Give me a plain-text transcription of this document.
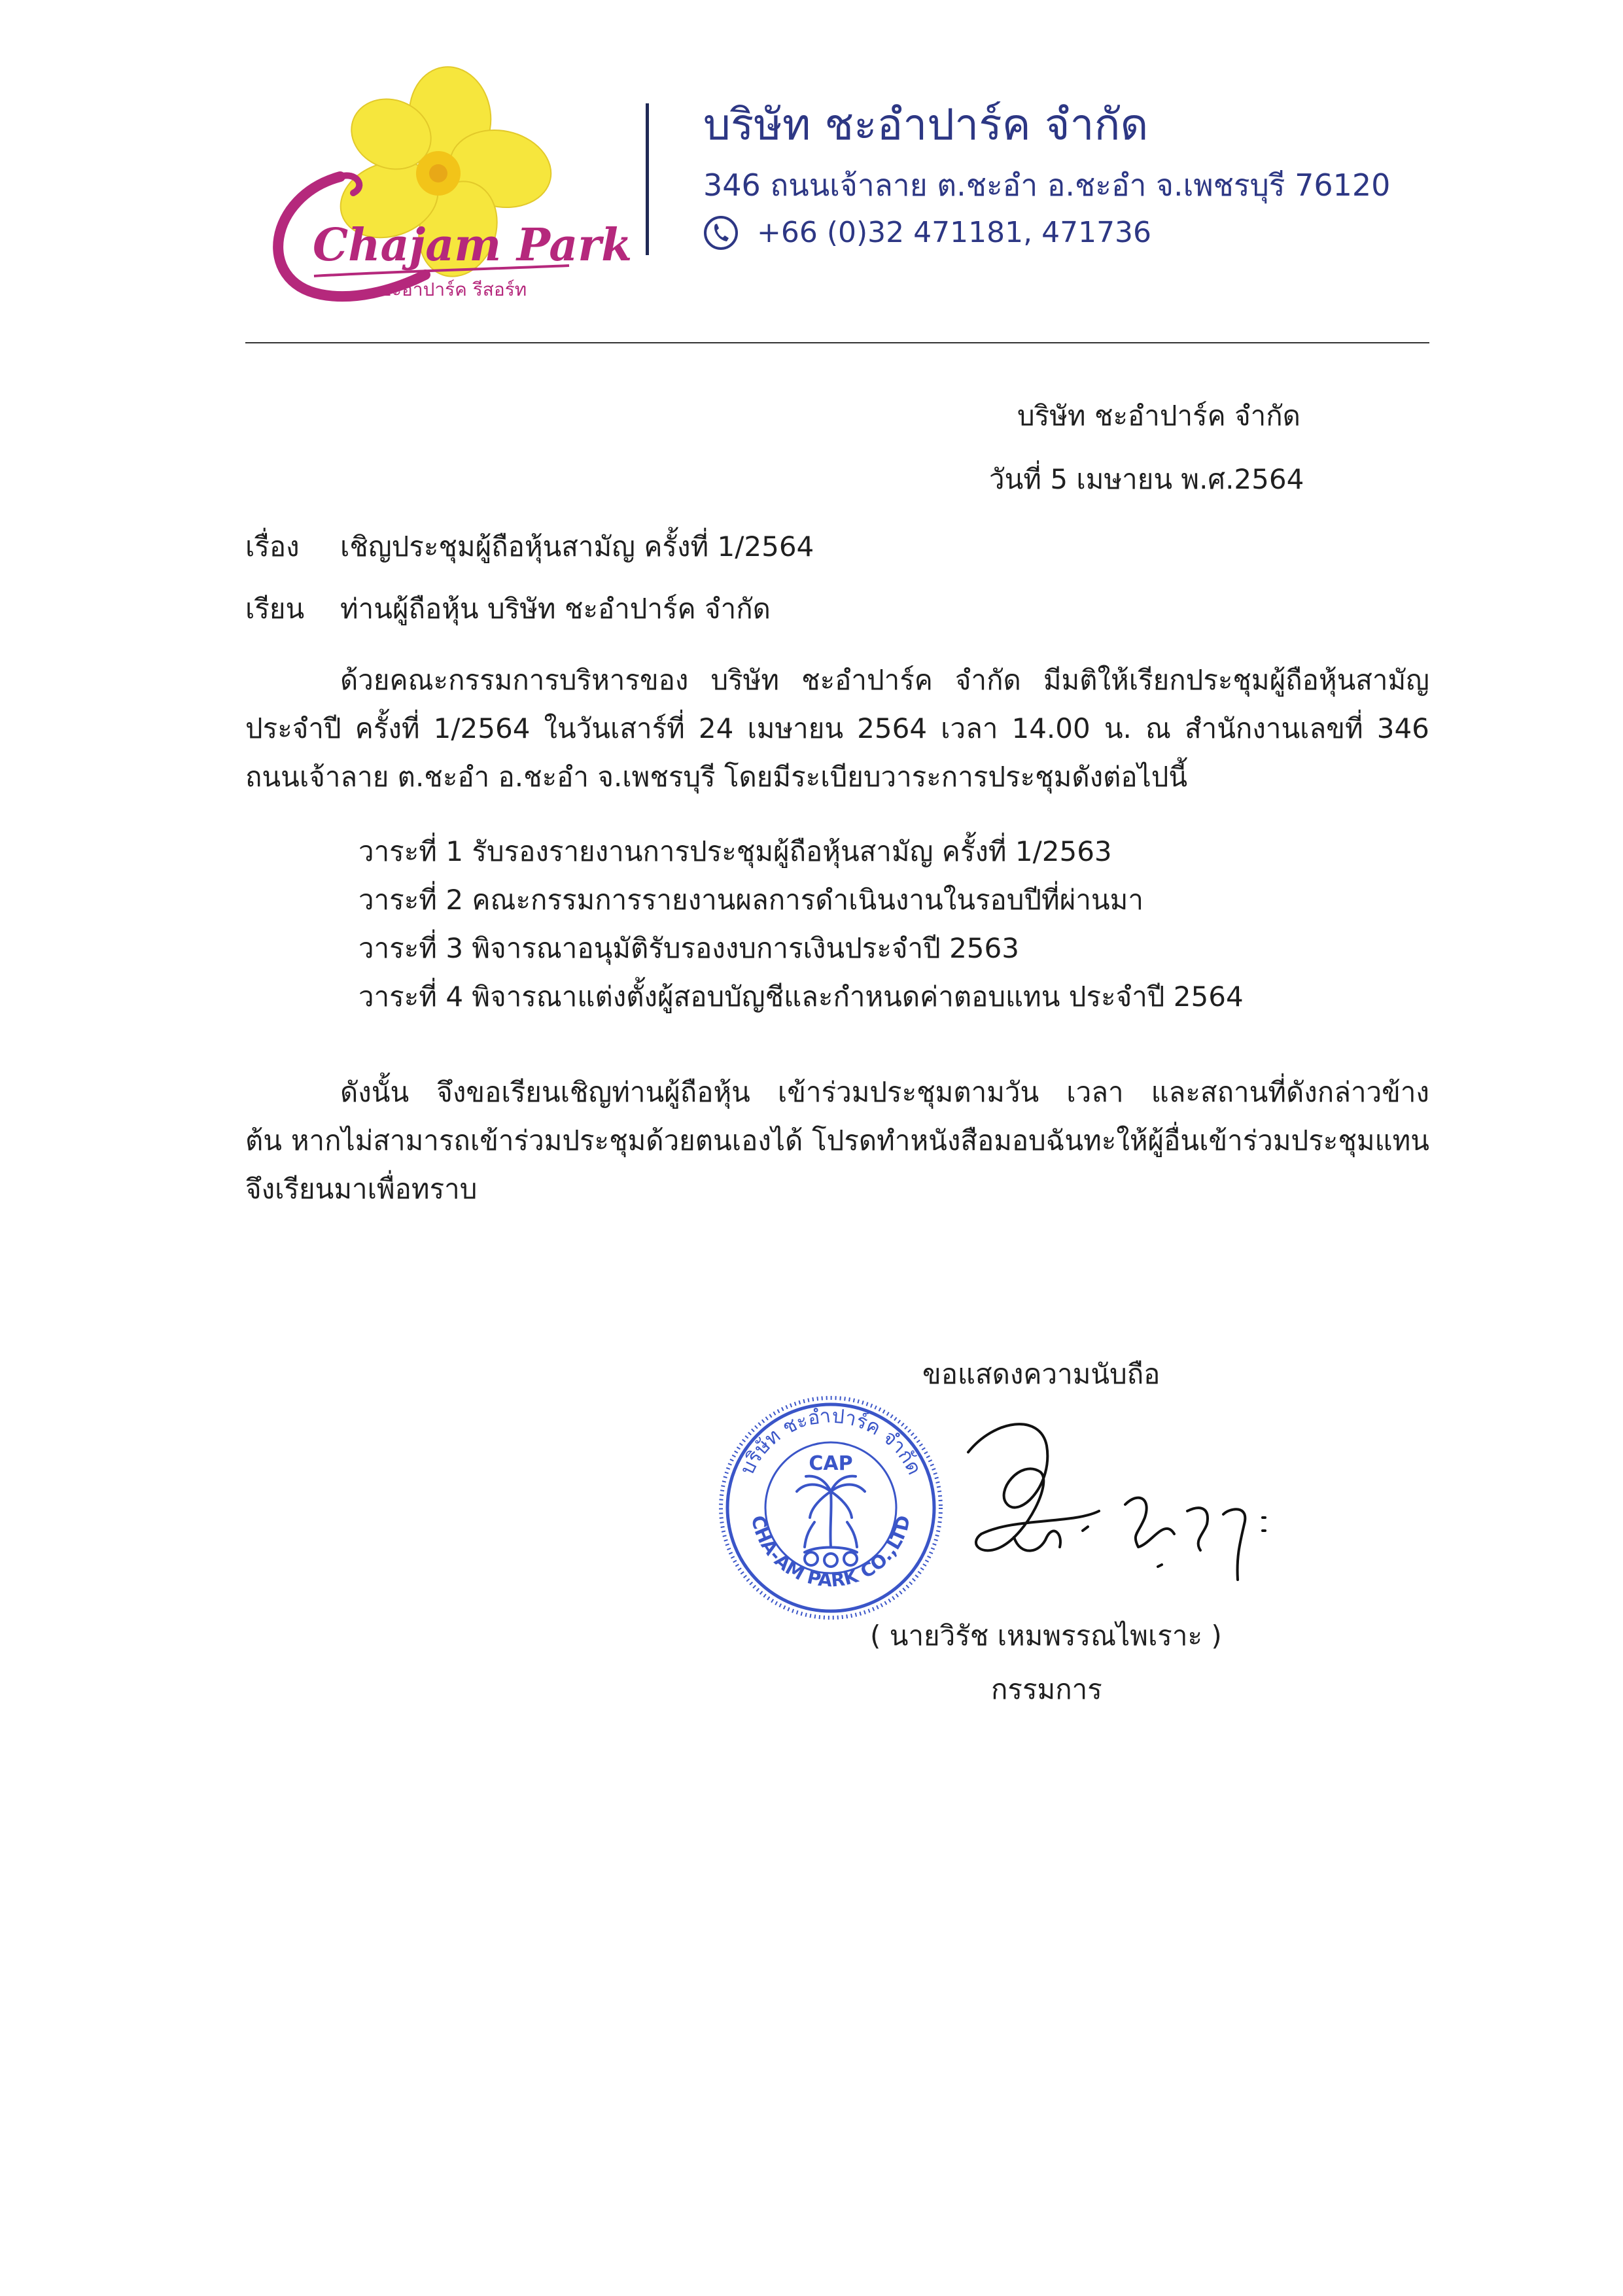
Chajam Park
ชะอำปาร์ค รีสอร์ท
บริษัท ชะอำปาร์ค จำกัด
346 ถนนเจ้าลาย ต.ชะอำ อ.ชะอำ จ.เพชรบุรี 76120
+66 (0)32 471181, 471736
บริษัท ชะอำปาร์ค จำกัด
วันที่ 5 เมษายน พ.ศ.2564
เรื่อง เชิญประชุมผู้ถือหุ้นสามัญ ครั้งที่ 1/2564
เรียน ท่านผู้ถือหุ้น บริษัท ชะอำปาร์ค จำกัด
ด้วยคณะกรรมการบริหารของ บริษัท ชะอำปาร์ค จำกัด มีมติให้เรียกประชุมผู้ถือหุ้นสามัญ
ประจำปี ครั้งที่ 1/2564 ในวันเสาร์ที่ 24 เมษายน 2564 เวลา 14.00 น. ณ สำนักงานเลขที่ 346
ถนนเจ้าลาย ต.ชะอำ อ.ชะอำ จ.เพชรบุรี โดยมีระเบียบวาระการประชุมดังต่อไปนี้
วาระที่ 1 รับรองรายงานการประชุมผู้ถือหุ้นสามัญ ครั้งที่ 1/2563
วาระที่ 2 คณะกรรมการรายงานผลการดำเนินงานในรอบปีที่ผ่านมา
วาระที่ 3 พิจารณาอนุมัติรับรองงบการเงินประจำปี 2563
วาระที่ 4 พิจารณาแต่งตั้งผู้สอบบัญชีและกำหนดค่าตอบแทน ประจำปี 2564
ดังนั้น จึงขอเรียนเชิญท่านผู้ถือหุ้น เข้าร่วมประชุมตามวัน เวลา และสถานที่ดังกล่าวข้าง
ต้น หากไม่สามารถเข้าร่วมประชุมด้วยตนเองได้ โปรดทำหนังสือมอบฉันทะให้ผู้อื่นเข้าร่วมประชุมแทน
จึงเรียนมาเพื่อทราบ
ขอแสดงความนับถือ
บริษัท ชะอำปาร์ค จำกัด
CHA-AM PARK CO.,LTD
CAP
( นายวิรัช เหมพรรณไพเราะ )
กรรมการ
